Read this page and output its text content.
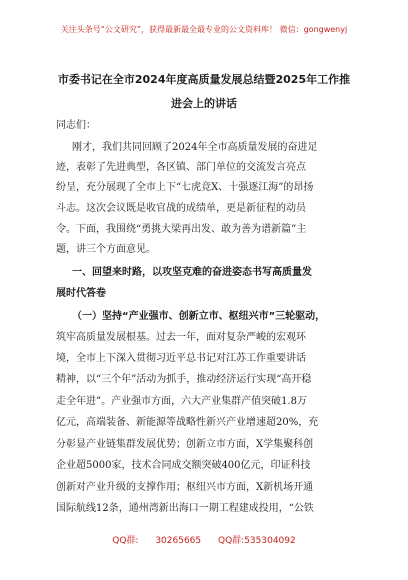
关注头条号“公文研究”，获得最新最全最专业的公文资料库！ 微信：gongwenyj
市委书记在全市2024年度高质量发展总结暨2025年工作推
进会上的讲话
同志们：
刚才，我们共同回顾了2024年全市高质量发展的奋进足
迹，表彰了先进典型，各区镇、部门单位的交流发言亮点
纷呈，充分展现了全市上下“七虎竞X、十强逐江海”的昂扬
斗志。这次会议既是收官战的成绩单，更是新征程的动员
令。下面，我围绕“勇挑大梁再出发、敢为善为谱新篇”主
题，讲三个方面意见。
一、回望来时路，以攻坚克难的奋进姿态书写高质量发
展时代答卷
（一）坚持“产业强市、创新立市、枢纽兴市”三轮驱动，
筑牢高质量发展根基。过去一年，面对复杂严峻的宏观环
境，全市上下深入贯彻习近平总书记对江苏工作重要讲话
精神，以“三个年”活动为抓手，推动经济运行实现“高开稳
走全年进”。产业强市方面，六大产业集群产值突破1.8万
亿元，高端装备、新能源等战略性新兴产业增速超20%，充
分彰显产业链集群发展优势；创新立市方面，X学集聚科创
企业超5000家，技术合同成交额突破400亿元，印证科技
创新对产业升级的支撑作用；枢纽兴市方面，X新机场开通
国际航线12条，通州湾新出海口一期工程建成投用，“公铁
QQ群: 30265665 QQ群:535304092
